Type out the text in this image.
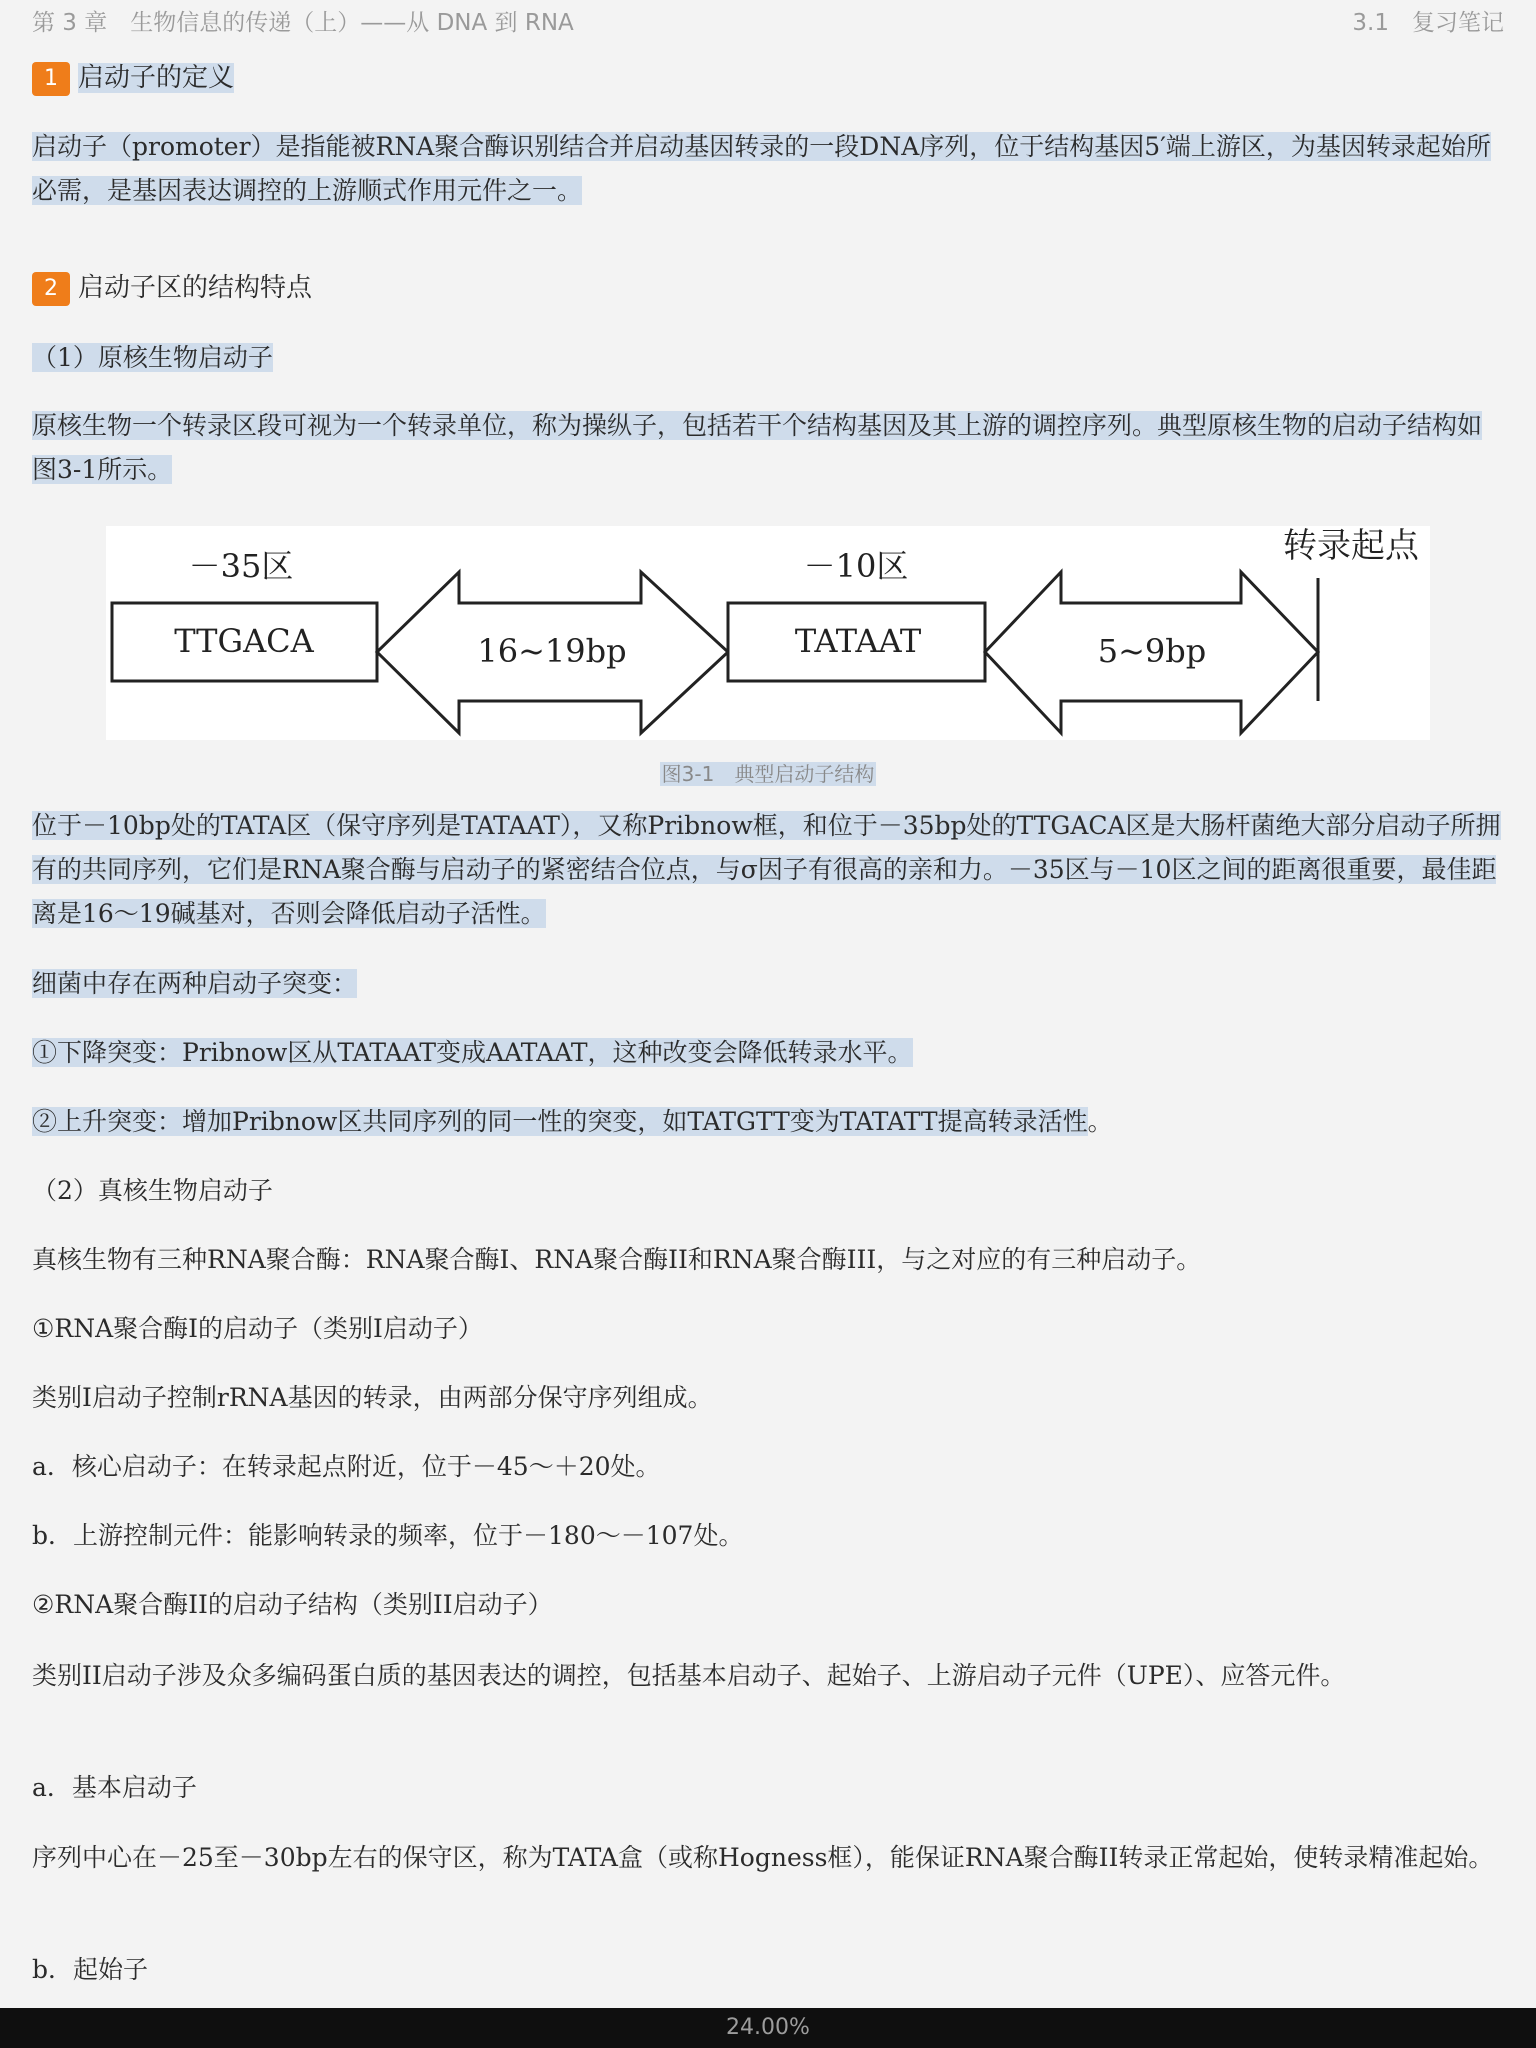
第 3 章　生物信息的传递（上）——从 DNA 到 RNA	3.1　复习笔记
1 启动子的定义
启动子（promoter）是指能被RNA聚合酶识别结合并启动基因转录的一段DNA序列，位于结构基因5′端上游区，为基因转录起始所必需，是基因表达调控的上游顺式作用元件之一。
2 启动子区的结构特点
（1）原核生物启动子
原核生物一个转录区段可视为一个转录单位，称为操纵子，包括若干个结构基因及其上游的调控序列。典型原核生物的启动子结构如图3-1所示。
－35区
TTGACA	16~19bp
－10区
TATAAT	5~9bp
转录起点
图3-1　典型启动子结构
位于－10bp处的TATA区（保守序列是TATAAT），又称Pribnow框，和位于－35bp处的TTGACA区是大肠杆菌绝大部分启动子所拥有的共同序列，它们是RNA聚合酶与启动子的紧密结合位点，与σ因子有很高的亲和力。－35区与－10区之间的距离很重要，最佳距离是16～19碱基对，否则会降低启动子活性。
细菌中存在两种启动子突变：
①下降突变：Pribnow区从TATAAT变成AATAAT，这种改变会降低转录水平。
②上升突变：增加Pribnow区共同序列的同一性的突变，如TATGTT变为TATATT提高转录活性。
（2）真核生物启动子
真核生物有三种RNA聚合酶：RNA聚合酶I、RNA聚合酶II和RNA聚合酶III，与之对应的有三种启动子。
①RNA聚合酶I的启动子（类别I启动子）
类别I启动子控制rRNA基因的转录，由两部分保守序列组成。
a．核心启动子：在转录起点附近，位于－45～＋20处。
b．上游控制元件：能影响转录的频率，位于－180～－107处。
②RNA聚合酶II的启动子结构（类别II启动子）
类别II启动子涉及众多编码蛋白质的基因表达的调控，包括基本启动子、起始子、上游启动子元件（UPE）、应答元件。
a．基本启动子
序列中心在－25至－30bp左右的保守区，称为TATA盒（或称Hogness框），能保证RNA聚合酶II转录正常起始，使转录精准起始。
b．起始子
24.00%
